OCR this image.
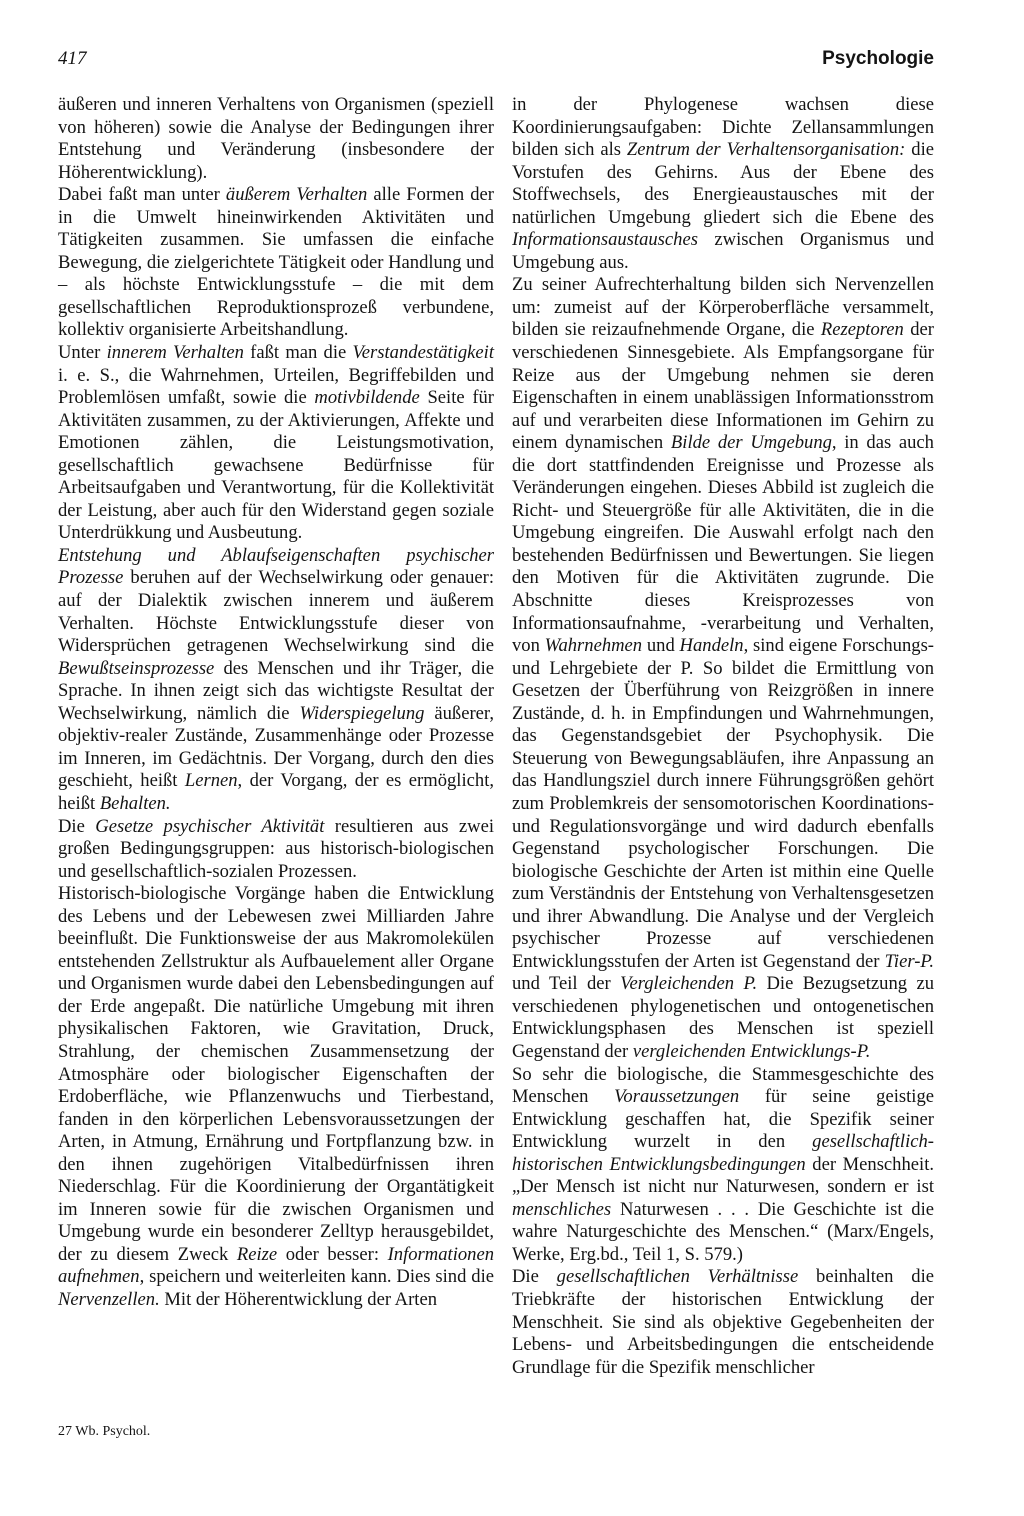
417	Psychologie

äußeren und inneren Verhaltens von Organismen (speziell von höheren) sowie die Analyse der Bedingungen ihrer Entstehung und Veränderung (insbesondere der Höherentwicklung).

Dabei faßt man unter äußerem Verhalten alle Formen der in die Umwelt hineinwirkenden Aktivitäten und Tätigkeiten zusammen. Sie umfassen die einfache Bewegung, die zielgerichtete Tätigkeit oder Handlung und – als höchste Entwicklungsstufe – die mit dem gesellschaftlichen Reproduktionsprozeß verbundene, kollektiv organisierte Arbeitshandlung.

Unter innerem Verhalten faßt man die Verstandestätigkeit i. e. S., die Wahrnehmen, Urteilen, Begriffebilden und Problemlösen umfaßt, sowie die motivbildende Seite für Aktivitäten zusammen, zu der Aktivierungen, Affekte und Emotionen zählen, die Leistungsmotivation, gesellschaftlich gewachsene Bedürfnisse für Arbeitsaufgaben und Verantwortung, für die Kollektivität der Leistung, aber auch für den Widerstand gegen soziale Unterdrükkung und Ausbeutung.

Entstehung und Ablaufseigenschaften psychischer Prozesse beruhen auf der Wechselwirkung oder genauer: auf der Dialektik zwischen innerem und äußerem Verhalten. Höchste Entwicklungsstufe dieser von Widersprüchen getragenen Wechselwirkung sind die Bewußtseinsprozesse des Menschen und ihr Träger, die Sprache. In ihnen zeigt sich das wichtigste Resultat der Wechselwirkung, nämlich die Widerspiegelung äußerer, objektiv-realer Zustände, Zusammenhänge oder Prozesse im Inneren, im Gedächtnis. Der Vorgang, durch den dies geschieht, heißt Lernen, der Vorgang, der es ermöglicht, heißt Behalten.

Die Gesetze psychischer Aktivität resultieren aus zwei großen Bedingungsgruppen: aus historisch-biologischen und gesellschaftlich-sozialen Prozessen.

Historisch-biologische Vorgänge haben die Entwicklung des Lebens und der Lebewesen zwei Milliarden Jahre beeinflußt. Die Funktionsweise der aus Makromolekülen entstehenden Zellstruktur als Aufbauelement aller Organe und Organismen wurde dabei den Lebensbedingungen auf der Erde angepaßt. Die natürliche Umgebung mit ihren physikalischen Faktoren, wie Gravitation, Druck, Strahlung, der chemischen Zusammensetzung der Atmosphäre oder biologischer Eigenschaften der Erdoberfläche, wie Pflanzenwuchs und Tierbestand, fanden in den körperlichen Lebensvoraussetzungen der Arten, in Atmung, Ernährung und Fortpflanzung bzw. in den ihnen zugehörigen Vitalbedürfnissen ihren Niederschlag. Für die Koordinierung der Organtätigkeit im Inneren sowie für die zwischen Organismen und Umgebung wurde ein besonderer Zelltyp herausgebildet, der zu diesem Zweck Reize oder besser: Informationen aufnehmen, speichern und weiterleiten kann. Dies sind die Nervenzellen. Mit der Höherentwicklung der Arten

in der Phylogenese wachsen diese Koordinierungsaufgaben: Dichte Zellansammlungen bilden sich als Zentrum der Verhaltensorganisation: die Vorstufen des Gehirns. Aus der Ebene des Stoffwechsels, des Energieaustausches mit der natürlichen Umgebung gliedert sich die Ebene des Informationsaustausches zwischen Organismus und Umgebung aus.

Zu seiner Aufrechterhaltung bilden sich Nervenzellen um: zumeist auf der Körperoberfläche versammelt, bilden sie reizaufnehmende Organe, die Rezeptoren der verschiedenen Sinnesgebiete. Als Empfangsorgane für Reize aus der Umgebung nehmen sie deren Eigenschaften in einem unablässigen Informationsstrom auf und verarbeiten diese Informationen im Gehirn zu einem dynamischen Bilde der Umgebung, in das auch die dort stattfindenden Ereignisse und Prozesse als Veränderungen eingehen. Dieses Abbild ist zugleich die Richt- und Steuergröße für alle Aktivitäten, die in die Umgebung eingreifen. Die Auswahl erfolgt nach den bestehenden Bedürfnissen und Bewertungen. Sie liegen den Motiven für die Aktivitäten zugrunde. Die Abschnitte dieses Kreisprozesses von Informationsaufnahme, -verarbeitung und Verhalten, von Wahrnehmen und Handeln, sind eigene Forschungs- und Lehrgebiete der P. So bildet die Ermittlung von Gesetzen der Überführung von Reizgrößen in innere Zustände, d. h. in Empfindungen und Wahrnehmungen, das Gegenstandsgebiet der Psychophysik. Die Steuerung von Bewegungsabläufen, ihre Anpassung an das Handlungsziel durch innere Führungsgrößen gehört zum Problemkreis der sensomotorischen Koordinations- und Regulationsvorgänge und wird dadurch ebenfalls Gegenstand psychologischer Forschungen. Die biologische Geschichte der Arten ist mithin eine Quelle zum Verständnis der Entstehung von Verhaltensgesetzen und ihrer Abwandlung. Die Analyse und der Vergleich psychischer Prozesse auf verschiedenen Entwicklungsstufen der Arten ist Gegenstand der Tier-P. und Teil der Vergleichenden P. Die Bezugsetzung zu verschiedenen phylogenetischen und ontogenetischen Entwicklungsphasen des Menschen ist speziell Gegenstand der vergleichenden Entwicklungs-P.

So sehr die biologische, die Stammesgeschichte des Menschen Voraussetzungen für seine geistige Entwicklung geschaffen hat, die Spezifik seiner Entwicklung wurzelt in den gesellschaftlich-historischen Entwicklungsbedingungen der Menschheit. „Der Mensch ist nicht nur Naturwesen, sondern er ist menschliches Naturwesen . . . Die Geschichte ist die wahre Naturgeschichte des Menschen.“ (Marx/Engels, Werke, Erg.bd., Teil 1, S. 579.)

Die gesellschaftlichen Verhältnisse beinhalten die Triebkräfte der historischen Entwicklung der Menschheit. Sie sind als objektive Gegebenheiten der Lebens- und Arbeitsbedingungen die entscheidende Grundlage für die Spezifik menschlicher

27 Wb. Psychol.
